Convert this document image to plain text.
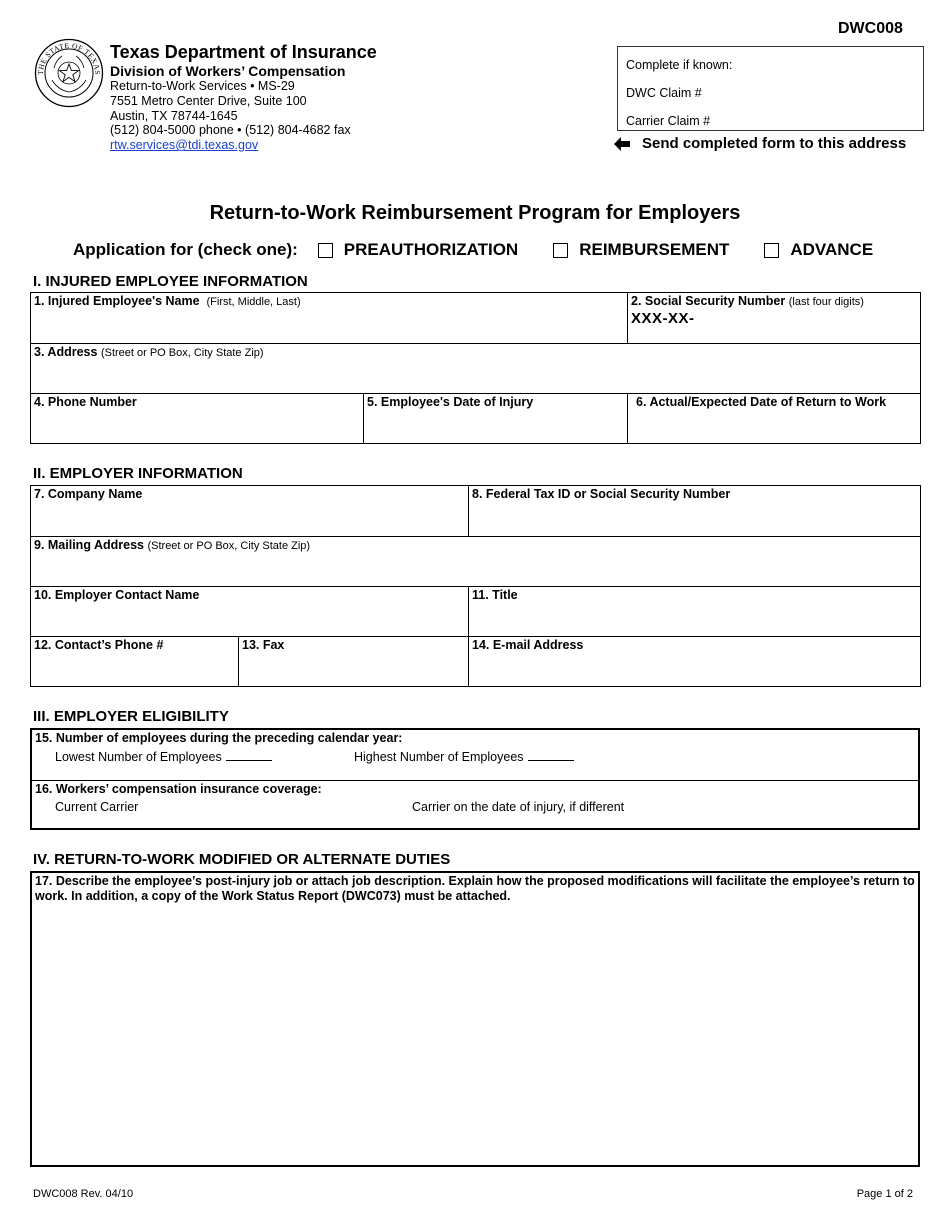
DWC008
THE STATE OF TEXAS
Texas Department of Insurance
Division of Workers’ Compensation
Return-to-Work Services • MS-29
7551 Metro Center Drive, Suite 100
Austin, TX 78744-1645
(512) 804-5000 phone • (512) 804-4682 fax
rtw.services@tdi.texas.gov
Complete if known:
DWC Claim #
Carrier Claim #
Send completed form to this address
Return-to-Work Reimbursement Program for Employers
Application for (check one):	PREAUTHORIZATION	REIMBURSEMENT	ADVANCE
I. INJURED EMPLOYEE INFORMATION
1. Injured Employee's Name (First, Middle, Last)		2. Social Security Number (last four digits)
XXX-XX-

3. Address (Street or PO Box, City State Zip)		
4. Phone Number	5. Employee's Date of Injury	6. Actual/Expected Date of Return to Work
II. EMPLOYER INFORMATION
7. Company Name		8. Federal Tax ID or Social Security Number
9. Mailing Address (Street or PO Box, City State Zip)		
10. Employer Contact Name		11. Title
12. Contact’s Phone #	13. Fax	14. E-mail Address
III. EMPLOYER ELIGIBILITY
15. Number of employees during the preceding calendar year:
Lowest Number of Employees	Highest Number of Employees
16. Workers’ compensation insurance coverage:
Current Carrier	Carrier on the date of injury, if different
IV. RETURN-TO-WORK MODIFIED OR ALTERNATE DUTIES
17. Describe the employee’s post-injury job or attach job description. Explain how the proposed modifications will facilitate the employee’s return to work. In addition, a copy of the Work Status Report (DWC073) must be attached.
DWC008 Rev. 04/10	Page 1 of 2
